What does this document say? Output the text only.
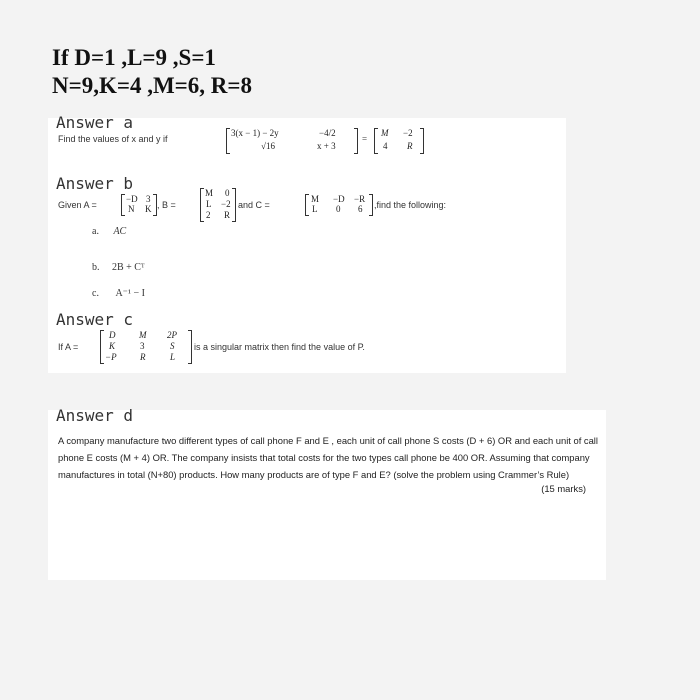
If D=1 ,L=9 ,S=1
N=9,K=4 ,M=6, R=8
Answer a
Find the values of x and y if
3(x − 1) − 2y	−4/2
√16	x + 3
=
M −2
4 R
Answer b
Given A =
−D 3
N K , B =
M 0
L −2
2 R
and C =
M −D −R
L 0 6 ,find the following:
a. AC
b. 2B + Cᵀ
c. A⁻¹ − I
Answer c
If A =
D	M 2P
K	3	S
−P	R	L
is a singular matrix then find the value of P.
Answer d
A company manufacture two different types of call phone F and E , each unit of call phone S costs (D + 6) OR and each unit of call phone E costs (M + 4) OR. The company insists that total costs for the two types call phone be 400 OR. Assuming that company manufactures in total (N+80) products. How many products are of type F and E? (solve the problem using Crammer’s Rule)
(15 marks)
